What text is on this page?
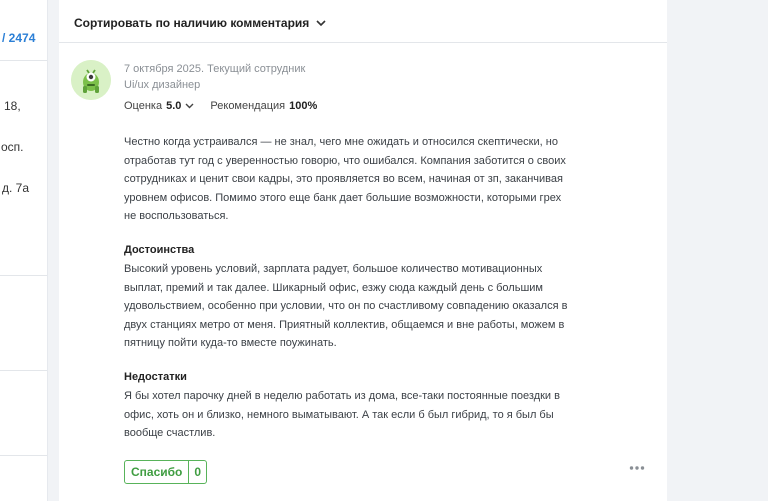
/ 2474
18,
осп.
д. 7а
Сортировать по наличию комментария
7 октября 2025. Текущий сотрудник
Ui/ux дизайнер
Оценка 5.0	Рекомендация 100%
Честно когда устраивался — не знал, чего мне ожидать и относился скептически, но
отработав тут год с уверенностью говорю, что ошибался. Компания заботится о своих
сотрудниках и ценит свои кадры, это проявляется во всем, начиная от зп, заканчивая
уровнем офисов. Помимо этого еще банк дает большие возможности, которыми грех
не воспользоваться.
Достоинства
Высокий уровень условий, зарплата радует, большое количество мотивационных
выплат, премий и так далее. Шикарный офис, езжу сюда каждый день с большим
удовольствием, особенно при условии, что он по счастливому совпадению оказался в
двух станциях метро от меня. Приятный коллектив, общаемся и вне работы, можем в
пятницу пойти куда-то вместе поужинать.
Недостатки
Я бы хотел парочку дней в неделю работать из дома, все-таки постоянные поездки в
офис, хоть он и близко, немного выматывают. А так если б был гибрид, то я был бы
вообще счастлив.
Спасибо	0
